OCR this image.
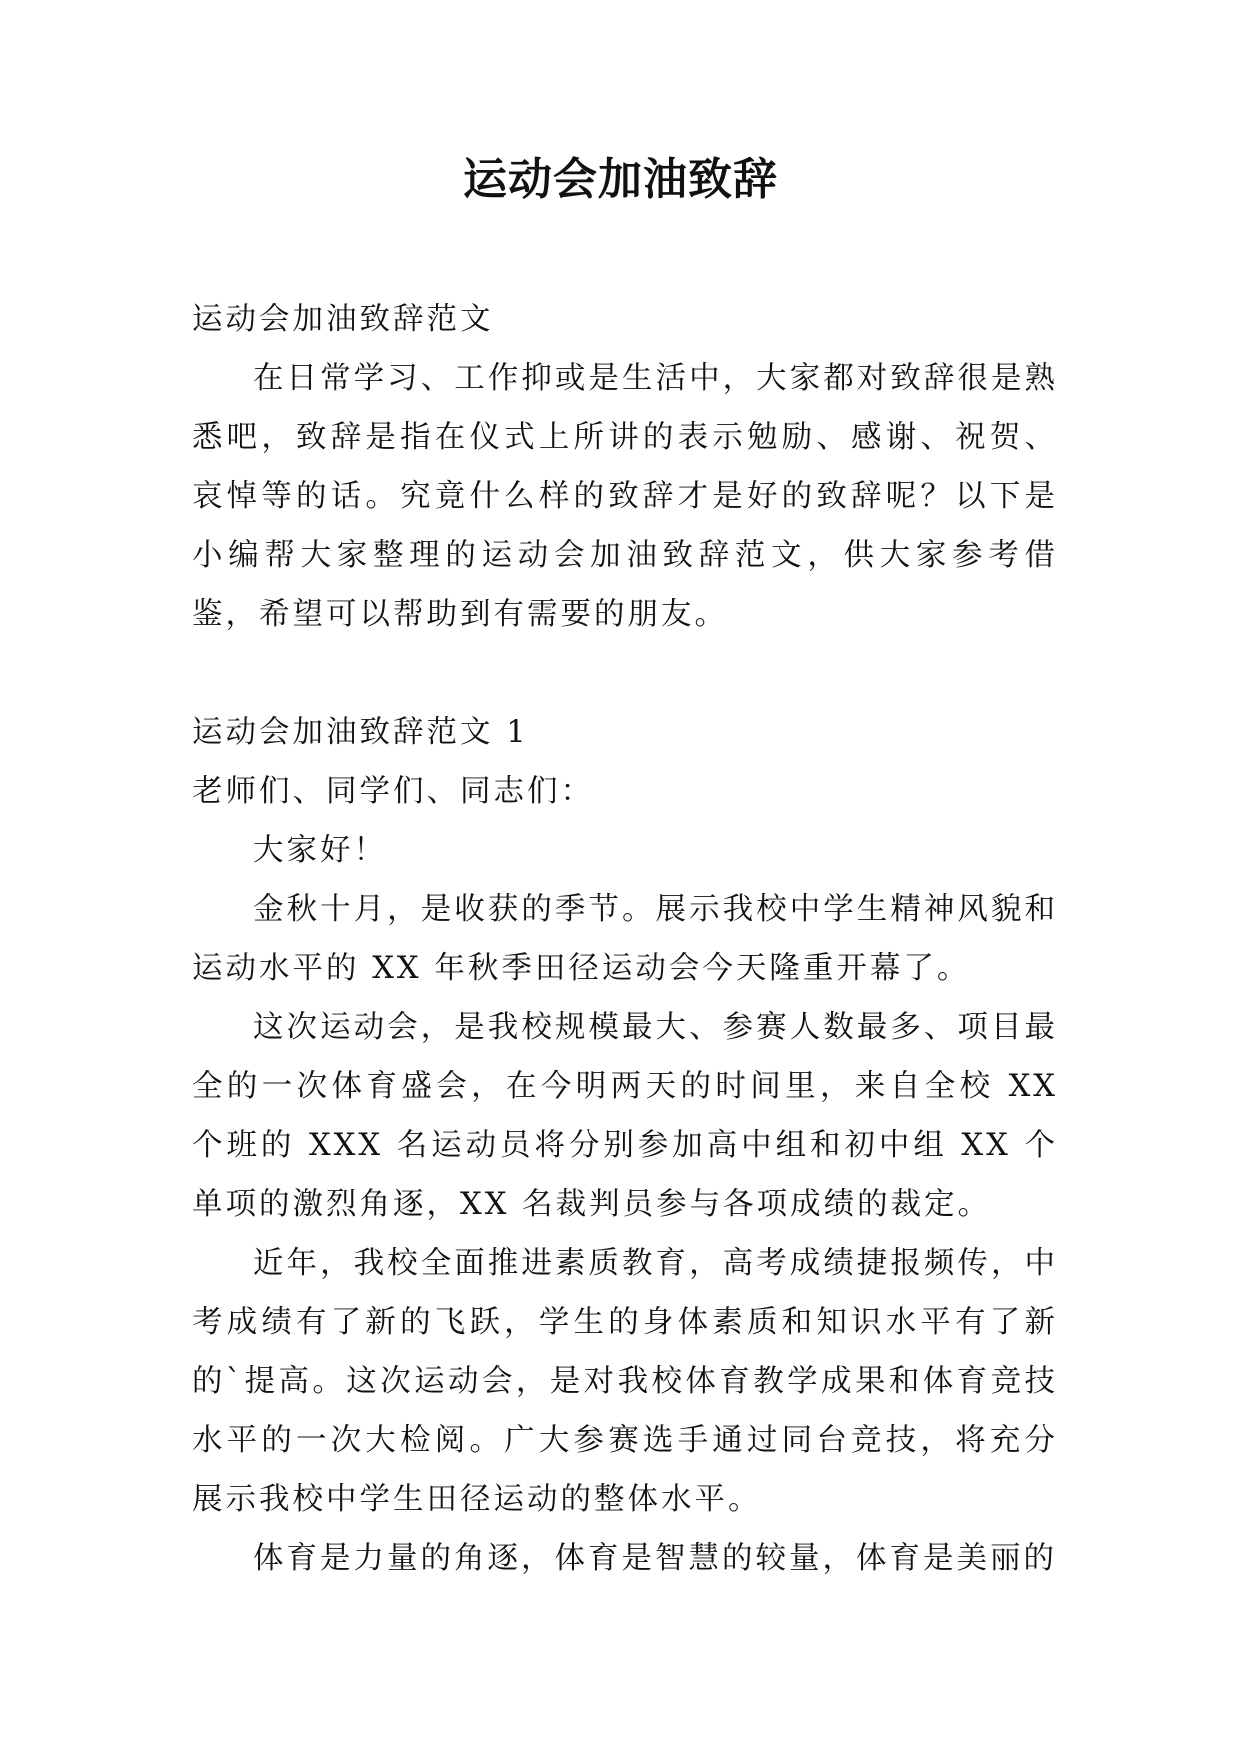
运动会加油致辞

运动会加油致辞范文

在日常学习、工作抑或是生活中，大家都对致辞很是熟悉吧，致辞是指在仪式上所讲的表示勉励、感谢、祝贺、哀悼等的话。究竟什么样的致辞才是好的致辞呢？以下是小编帮大家整理的运动会加油致辞范文，供大家参考借鉴，希望可以帮助到有需要的朋友。

运动会加油致辞范文 1

老师们、同学们、同志们：

大家好！

金秋十月，是收获的季节。展示我校中学生精神风貌和运动水平的 XX 年秋季田径运动会今天隆重开幕了。

这次运动会，是我校规模最大、参赛人数最多、项目最全的一次体育盛会，在今明两天的时间里，来自全校 XX 个班的 XXX 名运动员将分别参加高中组和初中组 XX 个单项的激烈角逐，XX 名裁判员参与各项成绩的裁定。

近年，我校全面推进素质教育，高考成绩捷报频传，中考成绩有了新的飞跃，学生的身体素质和知识水平有了新的`提高。这次运动会，是对我校体育教学成果和体育竞技水平的一次大检阅。广大参赛选手通过同台竞技，将充分展示我校中学生田径运动的整体水平。

体育是力量的角逐，体育是智慧的较量，体育是美丽的
